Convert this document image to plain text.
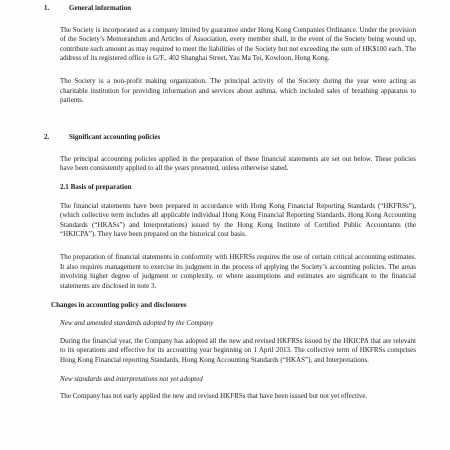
1.	General information

The Society is incorporated as a company limited by guarantee under Hong Kong Companies Ordinance. Under the provision of the Society’s Memorandum and Articles of Association, every member shall, in the event of the Society being wound up, contribute such amount as may required to meet the liabilities of the Society but not exceeding the sum of HK$100 each. The address of its registered office is G/F., 402 Shanghai Street, Yau Ma Tei, Kowloon, Hong Kong.

The Society is a non-profit making organization. The principal activity of the Society during the year were acting as charitable institution for providing information and services about asthma, which included sales of breathing apparatus to patients.

2.	Significant accounting policies

The principal accounting policies applied in the preparation of these financial statements are set out below. These policies have been consistently applied to all the years presented, unless otherwise stated.

2.1 Basis of preparation

The financial statements have been prepared in accordance with Hong Kong Financial Reporting Standards (“HKFRSs”), (which collective term includes all applicable individual Hong Kong Financial Reporting Standards, Hong Kong Accounting Standards (“HKASs”) and Interpretations) issued by the Hong Kong Institute of Certified Public Accountants (the “HKICPA”). They have been prepared on the historical cost basis.

The preparation of financial statements in conformity with HKFRSs requires the use of certain critical accounting estimates. It also requires management to exercise its judgment in the process of applying the Society’s accounting policies. The areas involving higher degree of judgment or complexity, or where assumptions and estimates are significant to the financial statements are disclosed in note 3.

Changes in accounting policy and disclosures
New and amended standards adopted by the Company

During the financial year, the Company has adopted all the new and revised HKFRSs issued by the HKICPA that are relevant to its operations and effective for its accounting year beginning on 1 April 2013. The collective term of HKFRSs comprises Hong Kong Financial reporting Standards, Hong Kong Accounting Standards (“HKAS”), and Interpretations.

New standards and interpretations not yet adopted

The Company has not early applied the new and revised HKFRSs that have been issued but not yet effective.
